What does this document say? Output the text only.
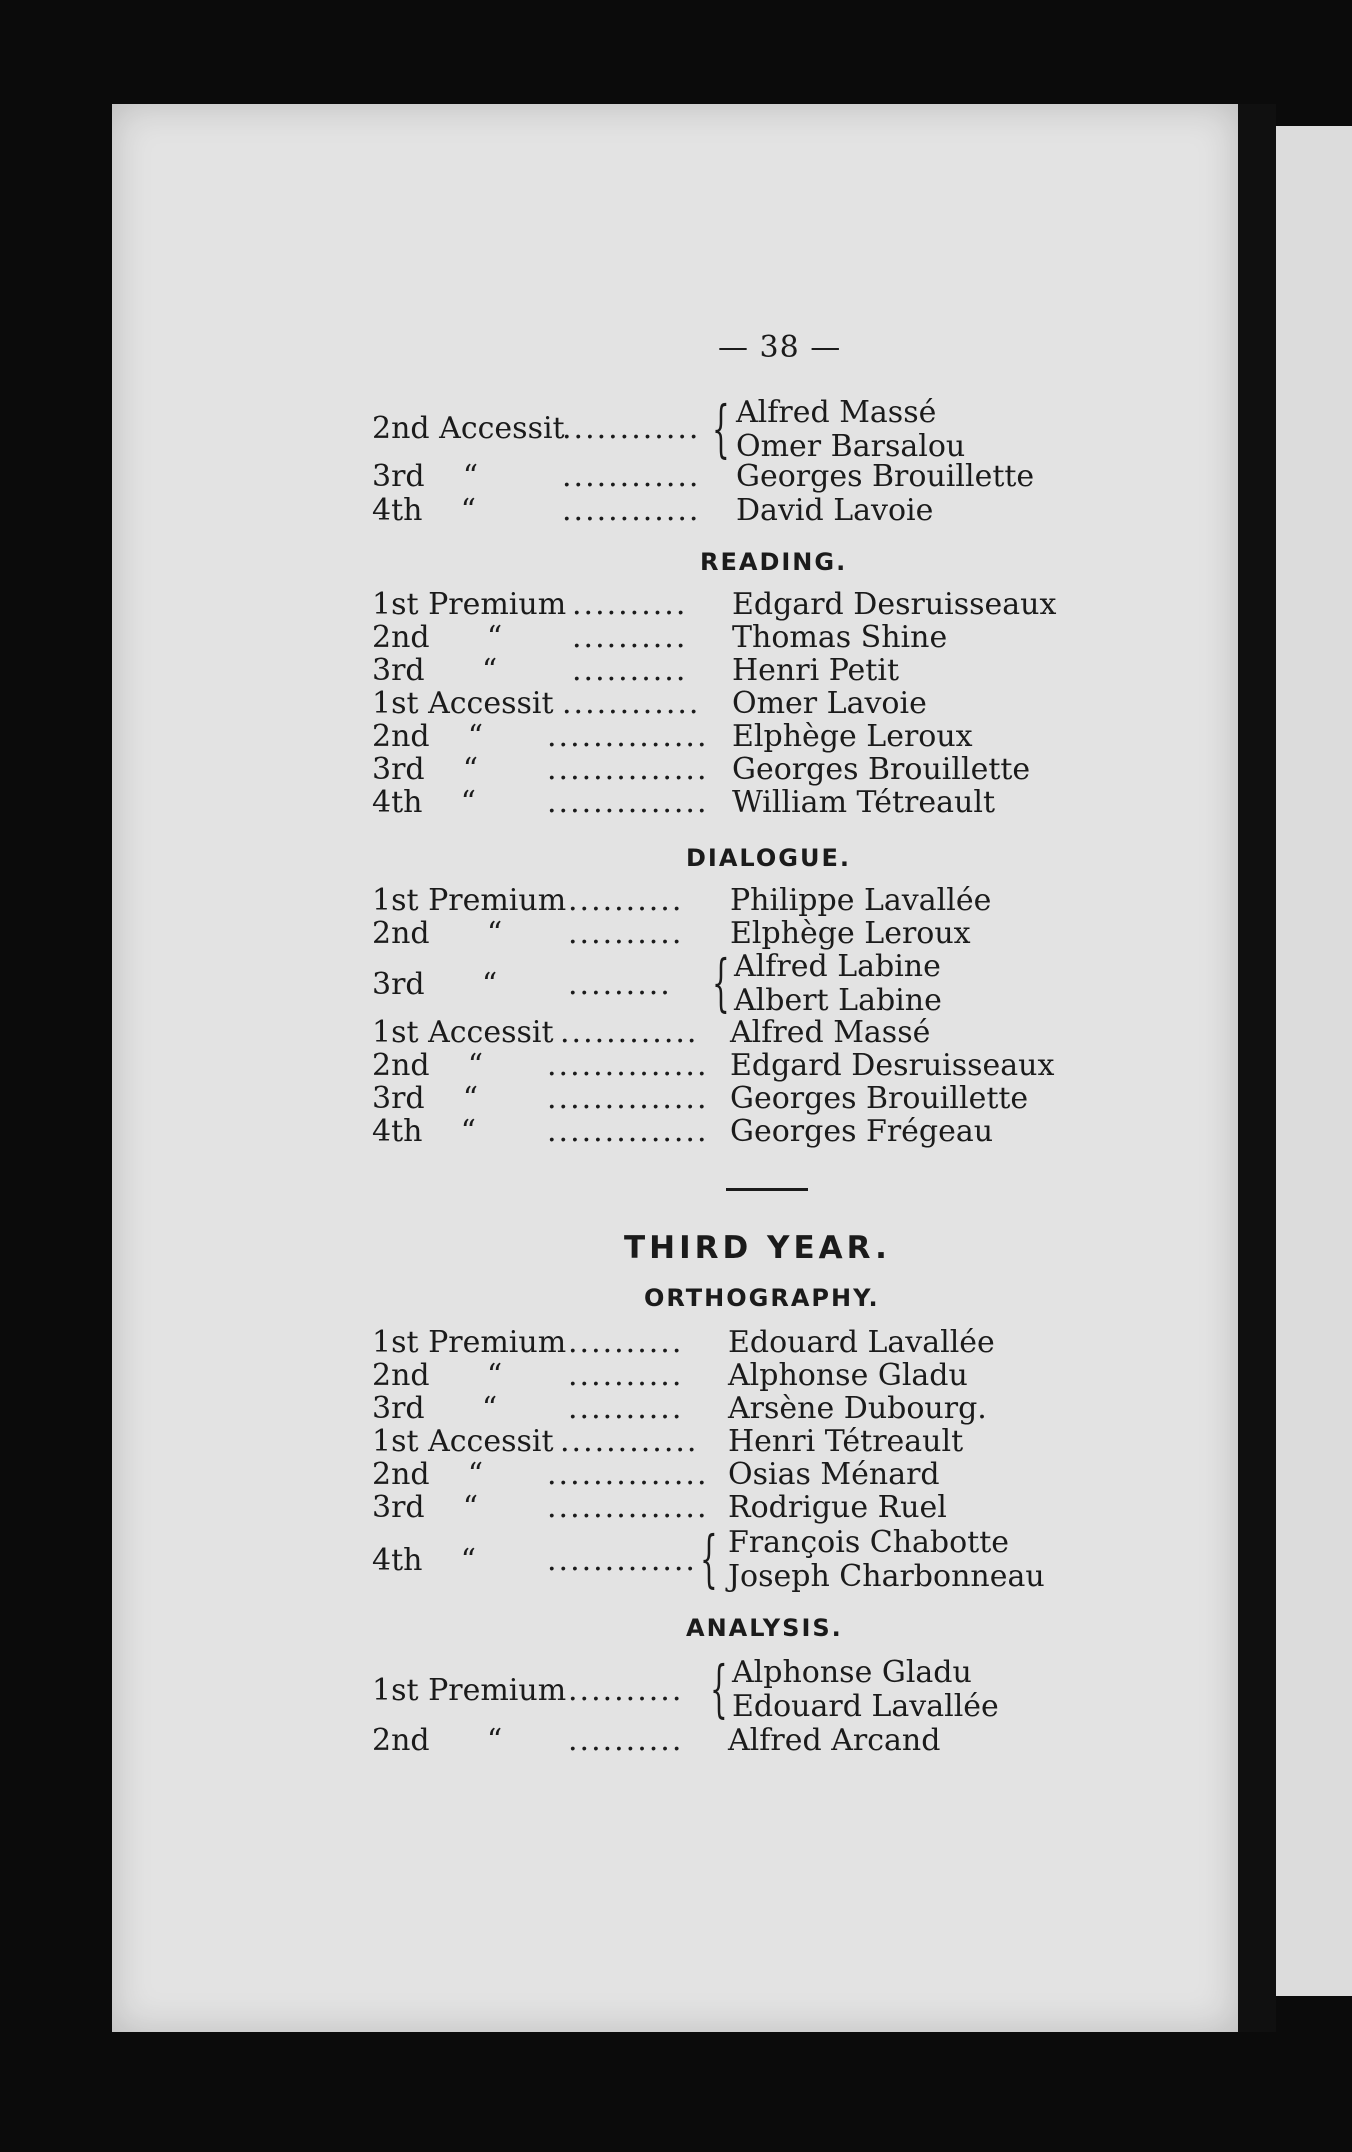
— 38 —
2nd Accessit
............ { Alfred Massé
Omer Barsalou
3rd    “	............ Georges Brouillette
4th    “	............ David Lavoie
READING.
1st Premium .......... Edgard Desruisseaux
2nd      “ .......... Thomas Shine
3rd      “ .......... Henri Petit
1st Accessit ............ Omer Lavoie
2nd    “ .............. Elphège Leroux
3rd    “ .............. Georges Brouillette
4th    “ .............. William Tétreault
DIALOGUE.
1st Premium .......... Philippe Lavallée
2nd      “ .......... Elphège Leroux
3rd      “ ......... { Alfred Labine
Albert Labine
1st Accessit ............ Alfred Massé
2nd    “ .............. Edgard Desruisseaux
3rd    “ .............. Georges Brouillette
4th    “ .............. Georges Frégeau
THIRD YEAR.
ORTHOGRAPHY.
1st Premium .......... Edouard Lavallée
2nd      “ .......... Alphonse Gladu
3rd      “ .......... Arsène Dubourg.
1st Accessit ............ Henri Tétreault
2nd    “ .............. Osias Ménard
3rd    “ .............. Rodrigue Ruel
4th    “ ............. { François Chabotte
Joseph Charbonneau
ANALYSIS.
1st Premium .......... { Alphonse Gladu
Edouard Lavallée
2nd      “ .......... Alfred Arcand
